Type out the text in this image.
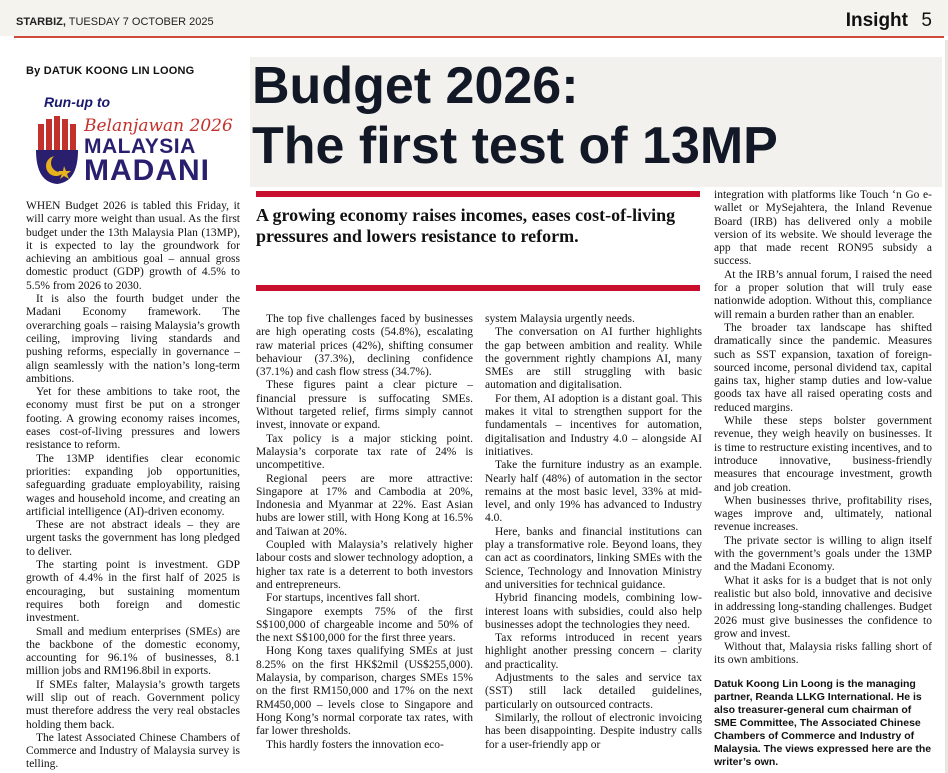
STARBIZ, TUESDAY 7 OCTOBER 2025	Insight 5
By DATUK KOONG LIN LOONG
Run-up to
Belanjawan 2026
MALAYSIA
MADANI
Budget 2026:
The first test of 13MP
A growing economy raises incomes, eases cost-of-living pressures and lowers resistance to reform.

WHEN Budget 2026 is tabled this Friday, it will carry more weight than usual. As the first budget under the 13th Malaysia Plan (13MP), it is expected to lay the groundwork for achieving an ambitious goal – annual gross domestic product (GDP) growth of 4.5% to 5.5% from 2026 to 2030.

It is also the fourth budget under the Madani Economy framework. The overarching goals – raising Malaysia’s growth ceiling, improving living standards and pushing reforms, especially in governance – align seamlessly with the nation’s long-term ambitions.

Yet for these ambitions to take root, the economy must first be put on a stronger footing. A growing economy raises incomes, eases cost-of-living pressures and lowers resistance to reform.

The 13MP identifies clear economic priorities: expanding job opportunities, safeguarding graduate employability, raising wages and household income, and creating an artificial intelligence (AI)-driven economy.

These are not abstract ideals – they are urgent tasks the government has long pledged to deliver.

The starting point is investment. GDP growth of 4.4% in the first half of 2025 is encouraging, but sustaining momentum requires both foreign and domestic investment.

Small and medium enterprises (SMEs) are the backbone of the domestic economy, accounting for 96.1% of businesses, 8.1 million jobs and RM196.8bil in exports.

If SMEs falter, Malaysia’s growth targets will slip out of reach. Government policy must therefore address the very real obstacles holding them back.

The latest Associated Chinese Chambers of Commerce and Industry of Malaysia survey is telling.

The top five challenges faced by businesses are high operating costs (54.8%), escalating raw material prices (42%), shifting consumer behaviour (37.3%), declining confidence (37.1%) and cash flow stress (34.7%).

These figures paint a clear picture – financial pressure is suffocating SMEs. Without targeted relief, firms simply cannot invest, innovate or expand.

Tax policy is a major sticking point. Malaysia’s corporate tax rate of 24% is uncompetitive.

Regional peers are more attractive: Singapore at 17% and Cambodia at 20%, Indonesia and Myanmar at 22%. East Asian hubs are lower still, with Hong Kong at 16.5% and Taiwan at 20%.

Coupled with Malaysia’s relatively higher labour costs and slower technology adoption, a higher tax rate is a deterrent to both investors and entrepreneurs.

For startups, incentives fall short.

Singapore exempts 75% of the first S$100,000 of chargeable income and 50% of the next S$100,000 for the first three years.

Hong Kong taxes qualifying SMEs at just 8.25% on the first HK$2mil (US$255,000). Malaysia, by comparison, charges SMEs 15% on the first RM150,000 and 17% on the next RM450,000 – levels close to Singapore and Hong Kong’s normal corporate tax rates, with far lower thresholds.

This hardly fosters the innovation eco-

system Malaysia urgently needs.

The conversation on AI further highlights the gap between ambition and reality. While the government rightly champions AI, many SMEs are still struggling with basic automation and digitalisation.

For them, AI adoption is a distant goal. This makes it vital to strengthen support for the fundamentals – incentives for automation, digitalisation and Industry 4.0 – alongside AI initiatives.

Take the furniture industry as an example. Nearly half (48%) of automation in the sector remains at the most basic level, 33% at mid-level, and only 19% has advanced to Industry 4.0.

Here, banks and financial institutions can play a transformative role. Beyond loans, they can act as coordinators, linking SMEs with the Science, Technology and Innovation Ministry and universities for technical guidance.

Hybrid financing models, combining low-interest loans with subsidies, could also help businesses adopt the technologies they need.

Tax reforms introduced in recent years highlight another pressing concern – clarity and practicality.

Adjustments to the sales and service tax (SST) still lack detailed guidelines, particularly on outsourced contracts.

Similarly, the rollout of electronic invoicing has been disappointing. Despite industry calls for a user-friendly app or

integration with platforms like Touch ‘n Go e-wallet or MySejahtera, the Inland Revenue Board (IRB) has delivered only a mobile version of its website. We should leverage the app that made recent RON95 subsidy a success.

At the IRB’s annual forum, I raised the need for a proper solution that will truly ease nationwide adoption. Without this, compliance will remain a burden rather than an enabler.

The broader tax landscape has shifted dramatically since the pandemic. Measures such as SST expansion, taxation of foreign-sourced income, personal dividend tax, capital gains tax, higher stamp duties and low-value goods tax have all raised operating costs and reduced margins.

While these steps bolster government revenue, they weigh heavily on businesses. It is time to restructure existing incentives, and to introduce innovative, business-friendly measures that encourage investment, growth and job creation.

When businesses thrive, profitability rises, wages improve and, ultimately, national revenue increases.

The private sector is willing to align itself with the government’s goals under the 13MP and the Madani Economy.

What it asks for is a budget that is not only realistic but also bold, innovative and decisive in addressing long-standing challenges. Budget 2026 must give businesses the confidence to grow and invest.

Without that, Malaysia risks falling short of its own ambitions.

Datuk Koong Lin Loong is the managing partner, Reanda LLKG International. He is also treasurer-general cum chairman of SME Committee, The Associated Chinese Chambers of Commerce and Industry of Malaysia. The views expressed here are the writer’s own.
